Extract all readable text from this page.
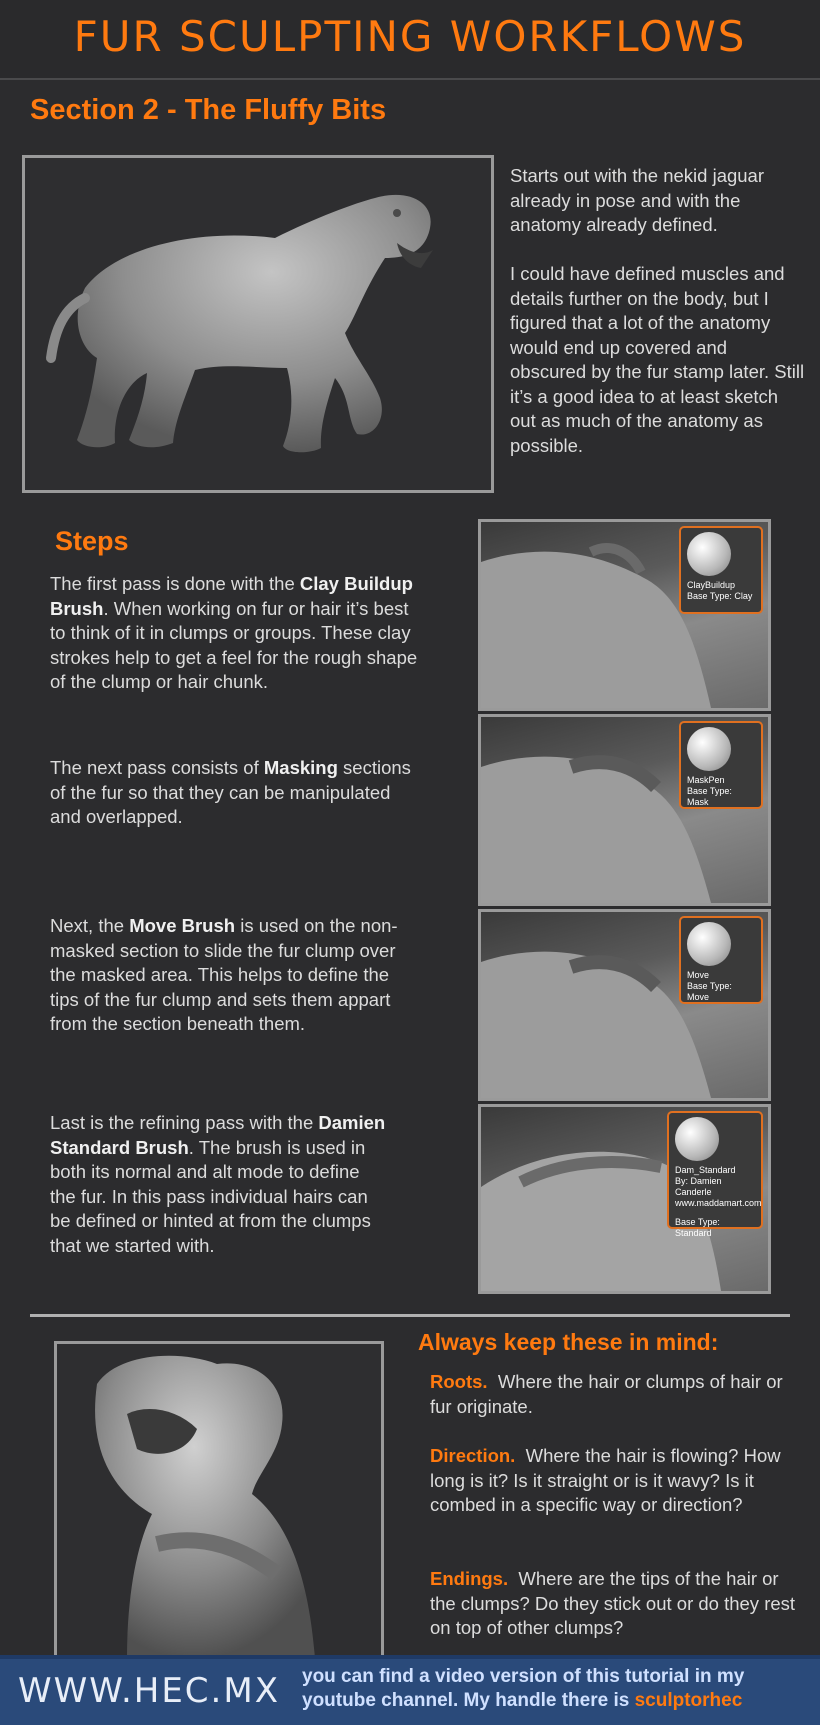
FUR SCULPTING WORKFLOWS
Section 2 - The Fluffy Bits
Starts out with the nekid jaguar already in pose and with the anatomy already defined.
I could have defined muscles and details further on the body, but I figured that a lot of the anatomy would end up covered and obscured by the fur stamp later. Still it’s a good idea to at least sketch out as much of the anatomy as possible.
Steps
The first pass is done with the Clay Buildup Brush. When working on fur or hair it’s best to think of it in clumps or groups. These clay strokes help to get a feel for the rough shape of the clump or hair chunk.
The next pass consists of Masking sections of the fur so that they can be manipulated and overlapped.
Next, the Move Brush is used on the non-masked section to slide the fur clump over the masked area. This helps to define the tips of the fur clump and sets them appart from the section beneath them.
Last is the refining pass with the Damien Standard Brush. The brush is used in both its normal and alt mode to define the fur. In this pass individual hairs can be defined or hinted at from the clumps that we started with.
ClayBuildup
Base Type: Clay
MaskPen
Base Type: Mask
Move
Base Type: Move
Dam_Standard
By: Damien Canderle
www.maddamart.com
Base Type: Standard
Always keep these in mind:
Roots. Where the hair or clumps of hair or fur originate.
Direction. Where the hair is flowing? How long is it? Is it straight or is it wavy? Is it combed in a specific way or direction?
Endings. Where are the tips of the hair or the clumps? Do they stick out or do they rest on top of other clumps?
WWW.HEC.MX you can find a video version of this tutorial in my youtube channel. My handle there is sculptorhec
